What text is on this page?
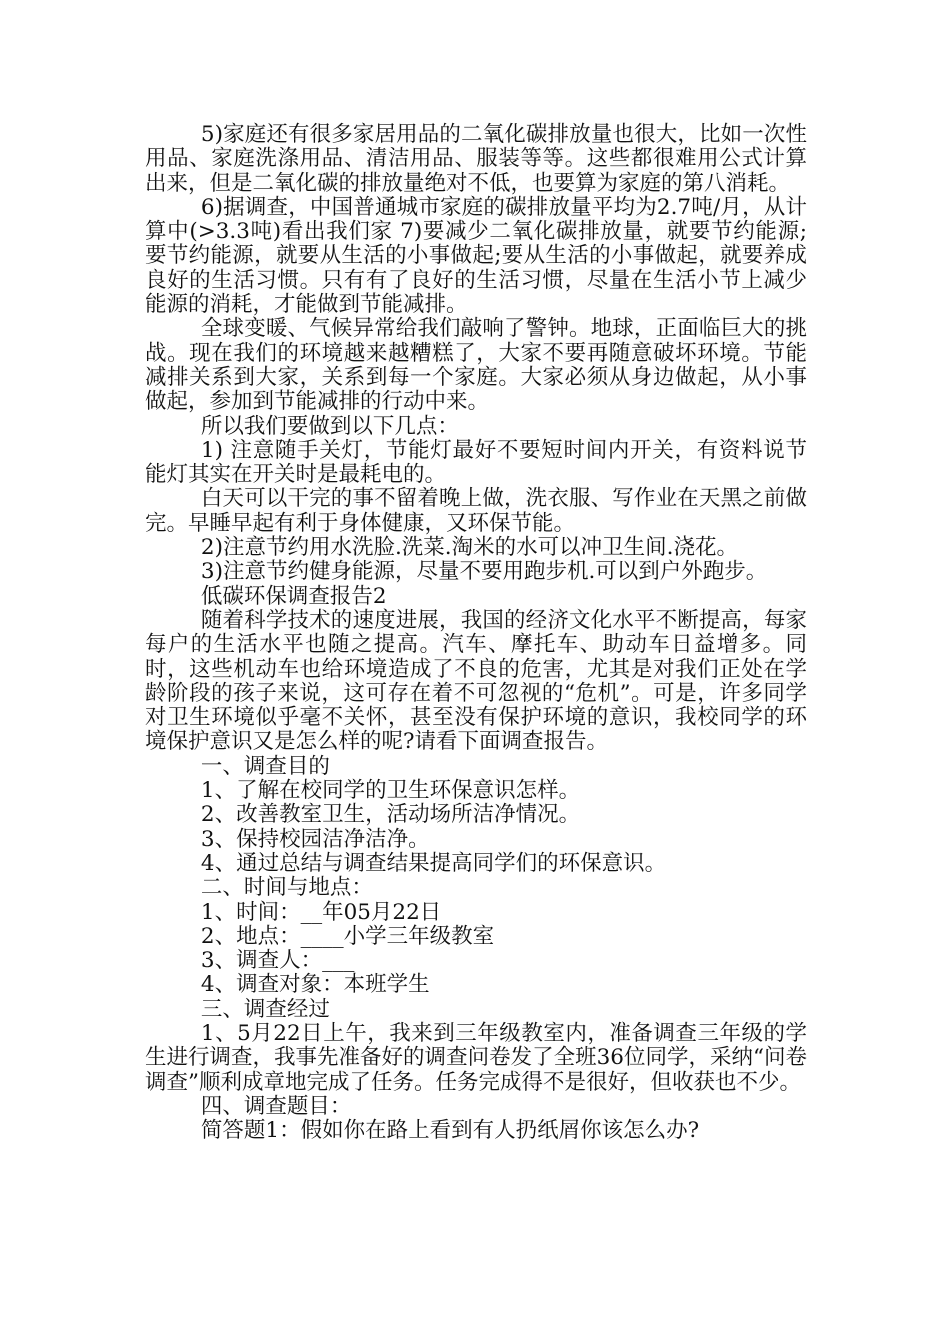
5)家庭还有很多家居用品的二氧化碳排放量也很大，比如一次性用品、家庭洗涤用品、清洁用品、服装等等。这些都很难用公式计算出来，但是二氧化碳的排放量绝对不低，也要算为家庭的第八消耗。

6)据调查，中国普通城市家庭的碳排放量平均为2.7吨/月，从计算中(>3.3吨)看出我们家 7)要减少二氧化碳排放量，就要节约能源;要节约能源，就要从生活的小事做起;要从生活的小事做起，就要养成良好的生活习惯。只有有了良好的生活习惯，尽量在生活小节上减少能源的消耗，才能做到节能减排。

全球变暖、气候异常给我们敲响了警钟。地球，正面临巨大的挑战。现在我们的环境越来越糟糕了，大家不要再随意破坏环境。节能减排关系到大家，关系到每一个家庭。大家必须从身边做起，从小事做起，参加到节能减排的行动中来。

所以我们要做到以下几点：

1) 注意随手关灯，节能灯最好不要短时间内开关，有资料说节能灯其实在开关时是最耗电的。

白天可以干完的事不留着晚上做，洗衣服、写作业在天黑之前做完。早睡早起有利于身体健康，又环保节能。

2)注意节约用水洗脸.洗菜.淘米的水可以冲卫生间.浇花。

3)注意节约健身能源，尽量不要用跑步机.可以到户外跑步。

低碳环保调查报告2

随着科学技术的速度进展，我国的经济文化水平不断提高，每家每户的生活水平也随之提高。汽车、摩托车、助动车日益增多。同时，这些机动车也给环境造成了不良的危害，尤其是对我们正处在学龄阶段的孩子来说，这可存在着不可忽视的“危机”。可是，许多同学对卫生环境似乎毫不关怀，甚至没有保护环境的意识，我校同学的环境保护意识又是怎么样的呢?请看下面调查报告。

一、调查目的

1、了解在校同学的卫生环保意识怎样。

2、改善教室卫生，活动场所洁净情况。

3、保持校园洁净洁净。

4、通过总结与调查结果提高同学们的环保意识。

二、时间与地点：

1、时间：__年05月22日

2、地点：____小学三年级教室

3、调查人：___

4、调查对象：本班学生

三、调查经过

1、5月22日上午，我来到三年级教室内，准备调查三年级的学生进行调查，我事先准备好的调查问卷发了全班36位同学，采纳“问卷调查”顺利成章地完成了任务。任务完成得不是很好，但收获也不少。

四、调查题目：

简答题1：假如你在路上看到有人扔纸屑你该怎么办?
